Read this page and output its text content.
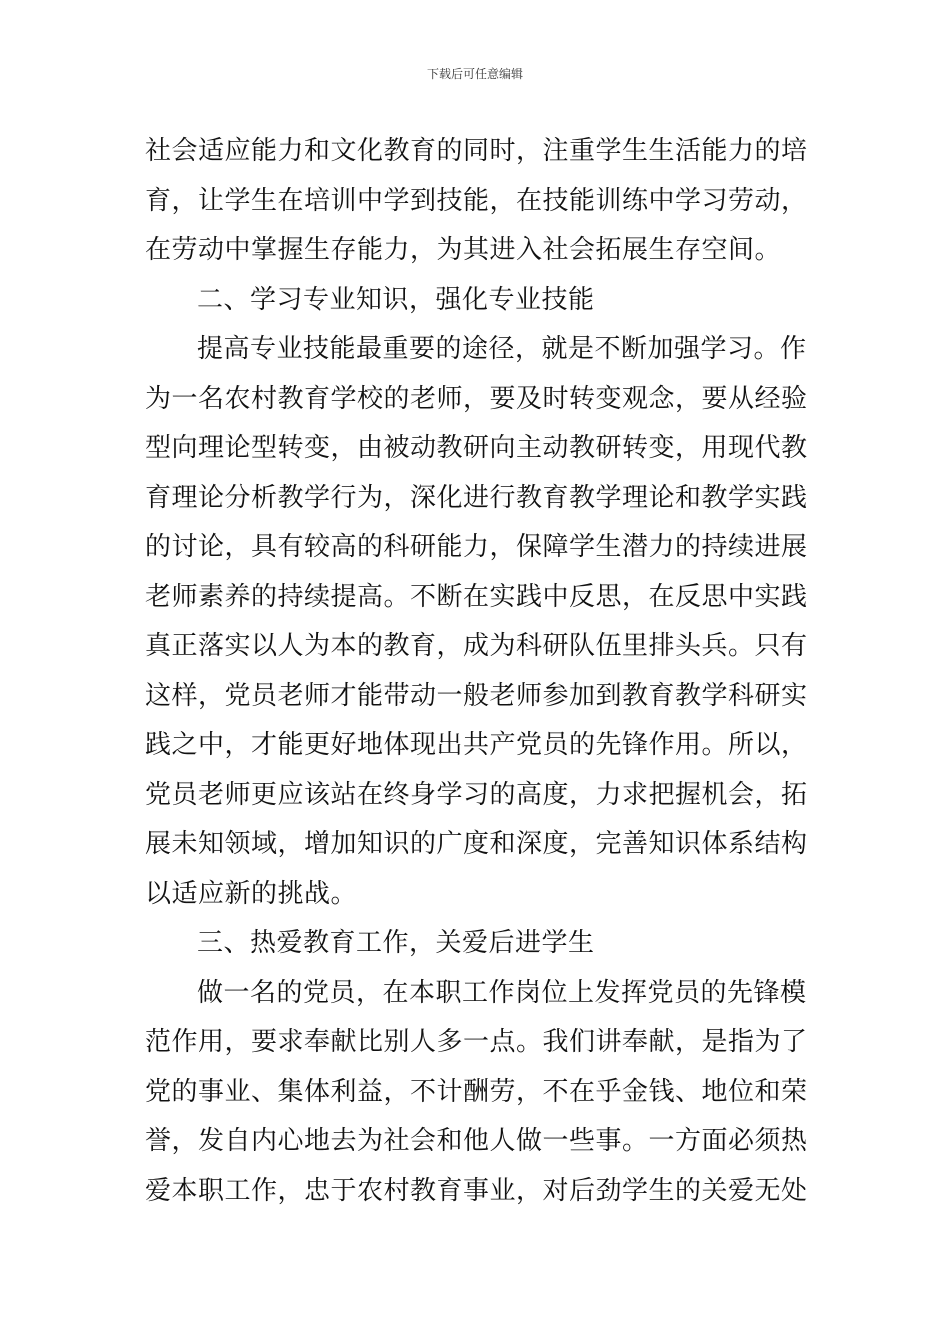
下载后可任意编辑
社会适应能力和文化教育的同时，注重学生生活能力的培
育，让学生在培训中学到技能，在技能训练中学习劳动，
在劳动中掌握生存能力，为其进入社会拓展生存空间。
二、学习专业知识，强化专业技能
提高专业技能最重要的途径，就是不断加强学习。作
为一名农村教育学校的老师，要及时转变观念，要从经验
型向理论型转变，由被动教研向主动教研转变，用现代教
育理论分析教学行为，深化进行教育教学理论和教学实践
的讨论，具有较高的科研能力，保障学生潜力的持续进展
老师素养的持续提高。不断在实践中反思，在反思中实践
真正落实以人为本的教育，成为科研队伍里排头兵。只有
这样，党员老师才能带动一般老师参加到教育教学科研实
践之中，才能更好地体现出共产党员的先锋作用。所以，
党员老师更应该站在终身学习的高度，力求把握机会，拓
展未知领域，增加知识的广度和深度，完善知识体系结构
以适应新的挑战。
三、热爱教育工作，关爱后进学生
做一名的党员，在本职工作岗位上发挥党员的先锋模
范作用，要求奉献比别人多一点。我们讲奉献，是指为了
党的事业、集体利益，不计酬劳，不在乎金钱、地位和荣
誉，发自内心地去为社会和他人做一些事。一方面必须热
爱本职工作，忠于农村教育事业，对后劲学生的关爱无处
